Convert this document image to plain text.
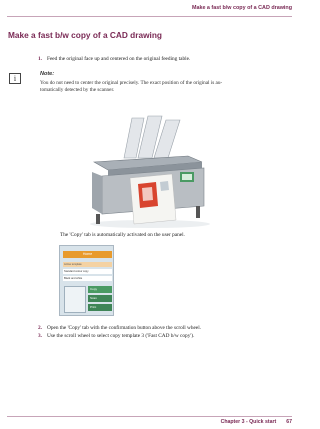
Make a fast b/w copy of a CAD drawing
Make a fast b/w copy of a CAD drawing
1. Feed the original face up and centered on the original feeding table.
i	Note:
You do not need to center the original precisely. The exact position of the original is au-
tomatically detected by the scanner.
The 'Copy' tab is automatically activated on the user panel.
Home
Active template
Standard colour copy
Black and white
Copy
Scan
Print
2. Open the 'Copy' tab with the confirmation button above the scroll wheel.
3. Use the scroll wheel to select copy template 3 ('Fast CAD b/w copy').
Chapter 3 - Quick start 67
